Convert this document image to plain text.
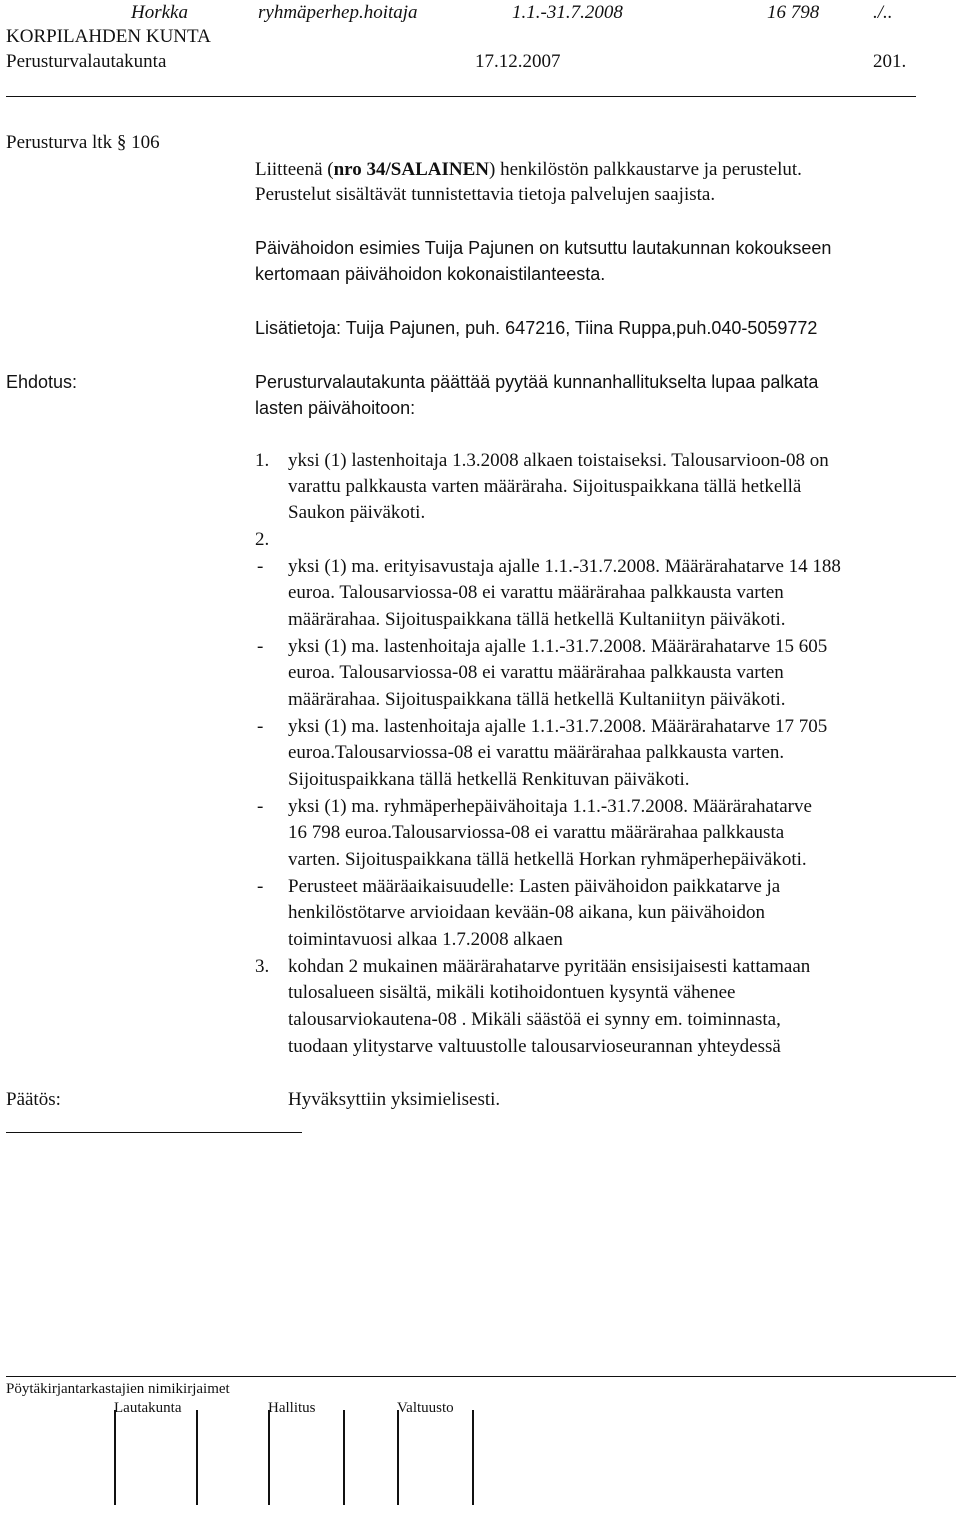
Horkka	ryhmäperhep.hoitaja	1.1.-31.7.2008	16 798	./..
KORPILAHDEN KUNTA
Perusturvalautakunta	17.12.2007	201.
Perusturva ltk § 106
Liitteenä (nro 34/SALAINEN) henkilöstön palkkaustarve ja perustelut.
Perustelut sisältävät tunnistettavia tietoja palvelujen saajista.
Päivähoidon esimies Tuija Pajunen on kutsuttu lautakunnan kokoukseen
kertomaan päivähoidon kokonaistilanteesta.
Lisätietoja: Tuija Pajunen, puh. 647216, Tiina Ruppa,puh.040-5059772
Ehdotus:	Perusturvalautakunta päättää pyytää kunnanhallitukselta lupaa palkata
lasten päivähoitoon:
1. yksi (1) lastenhoitaja 1.3.2008 alkaen toistaiseksi. Talousarvioon-08 on
varattu palkkausta varten määräraha. Sijoituspaikkana tällä hetkellä
Saukon päiväkoti.
2.
- yksi (1) ma. erityisavustaja ajalle 1.1.-31.7.2008. Määrärahatarve 14 188
euroa. Talousarviossa-08 ei varattu määrärahaa palkkausta varten
määrärahaa. Sijoituspaikkana tällä hetkellä Kultaniityn päiväkoti.
- yksi (1) ma. lastenhoitaja ajalle 1.1.-31.7.2008. Määrärahatarve 15 605
euroa. Talousarviossa-08 ei varattu määrärahaa palkkausta varten
määrärahaa. Sijoituspaikkana tällä hetkellä Kultaniityn päiväkoti.
- yksi (1) ma. lastenhoitaja ajalle 1.1.-31.7.2008. Määrärahatarve 17 705
euroa.Talousarviossa-08 ei varattu määrärahaa palkkausta varten.
Sijoituspaikkana tällä hetkellä Renkituvan päiväkoti.
- yksi (1) ma. ryhmäperhepäivähoitaja 1.1.-31.7.2008. Määrärahatarve
16 798 euroa.Talousarviossa-08 ei varattu määrärahaa palkkausta
varten. Sijoituspaikkana tällä hetkellä Horkan ryhmäperhepäiväkoti.
- Perusteet määräaikaisuudelle: Lasten päivähoidon paikkatarve ja
henkilöstötarve arvioidaan kevään-08 aikana, kun päivähoidon
toimintavuosi alkaa 1.7.2008 alkaen
3. kohdan 2 mukainen määrärahatarve pyritään ensisijaisesti kattamaan
tulosalueen sisältä, mikäli kotihoidontuen kysyntä vähenee
talousarviokautena-08 . Mikäli säästöä ei synny em. toiminnasta,
tuodaan ylitystarve valtuustolle talousarvioseurannan yhteydessä
Päätös:	Hyväksyttiin yksimielisesti.
Pöytäkirjantarkastajien nimikirjaimet
Lautakunta	Hallitus	Valtuusto
